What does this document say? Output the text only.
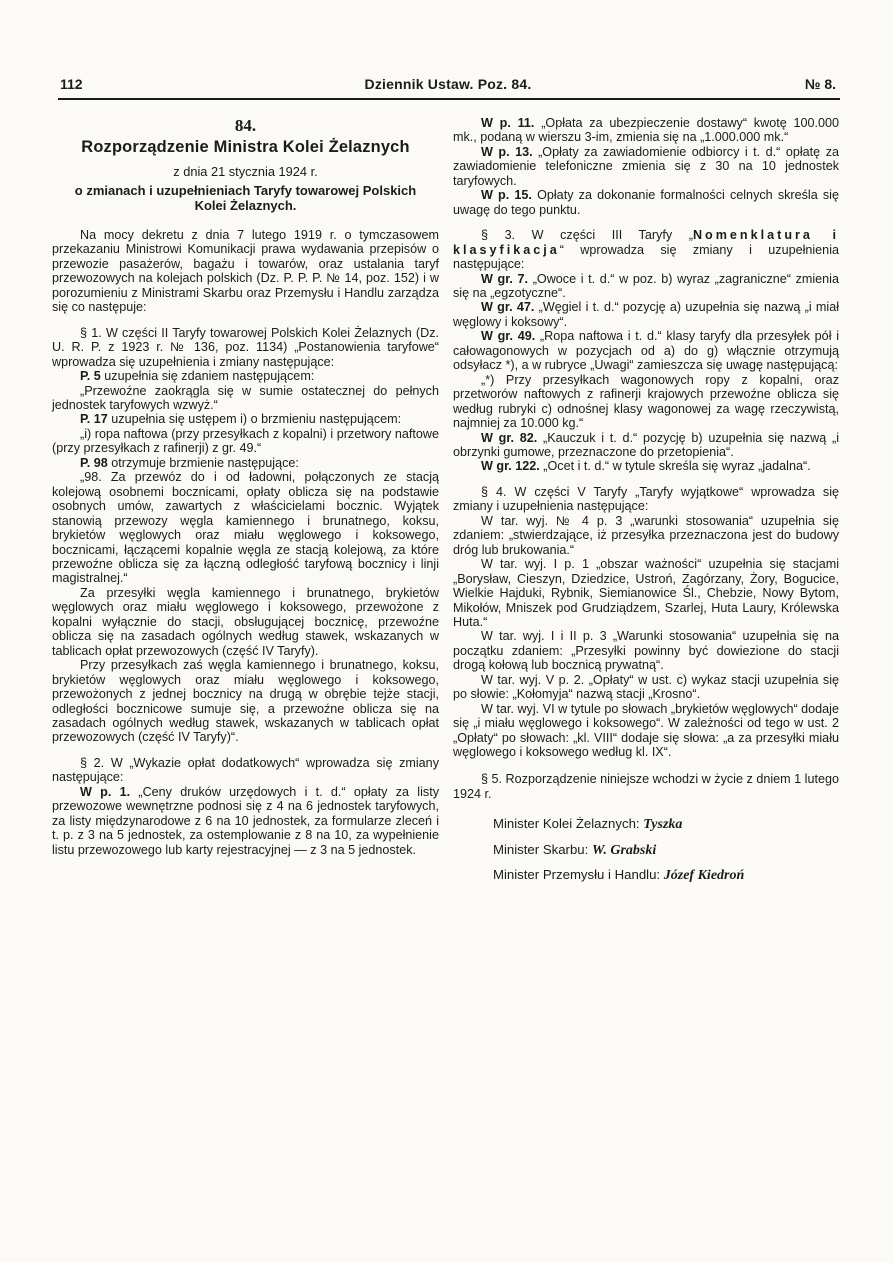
112	Dziennik Ustaw. Poz. 84.	№ 8.

84.

Rozporządzenie Ministra Kolei Żelaznych

z dnia 21 stycznia 1924 r.

o zmianach i uzupełnieniach Taryfy towarowej Polskich Kolei Żelaznych.

Na mocy dekretu z dnia 7 lutego 1919 r. o tymczasowem przekazaniu Ministrowi Komunikacji prawa wydawania przepisów o przewozie pasażerów, bagażu i towarów, oraz ustalania taryf przewozowych na kolejach polskich (Dz. P. P. P. № 14, poz. 152) i w porozumieniu z Ministrami Skarbu oraz Przemysłu i Handlu zarządza się co następuje:

§ 1. W części II Taryfy towarowej Polskich Kolei Żelaznych (Dz. U. R. P. z 1923 r. № 136, poz. 1134) „Postanowienia taryfowe“ wprowadza się uzupełnienia i zmiany następujące:

P. 5 uzupełnia się zdaniem następującem:

„Przewoźne zaokrągla się w sumie ostatecznej do pełnych jednostek taryfowych wzwyż.“

P. 17 uzupełnia się ustępem i) o brzmieniu następującem:

„i) ropa naftowa (przy przesyłkach z kopalni) i przetwory naftowe (przy przesyłkach z rafinerji) z gr. 49.“

P. 98 otrzymuje brzmienie następujące:

„98. Za przewóz do i od ładowni, połączonych ze stacją kolejową osobnemi bocznicami, opłaty oblicza się na podstawie osobnych umów, zawartych z właścicielami bocznic. Wyjątek stanowią przewozy węgla kamiennego i brunatnego, koksu, brykietów węglowych oraz miału węglowego i koksowego, bocznicami, łączącemi kopalnie węgla ze stacją kolejową, za które przewoźne oblicza się za łączną odległość taryfową bocznicy i linji magistralnej.“

Za przesyłki węgla kamiennego i brunatnego, brykietów węglowych oraz miału węglowego i koksowego, przewożone z kopalni wyłącznie do stacji, obsługującej bocznicę, przewoźne oblicza się na zasadach ogólnych według stawek, wskazanych w tablicach opłat przewozowych (część IV Taryfy).

Przy przesyłkach zaś węgla kamiennego i brunatnego, koksu, brykietów węglowych oraz miału węglowego i koksowego, przewożonych z jednej bocznicy na drugą w obrębie tejże stacji, odległości bocznicowe sumuje się, a przewoźne oblicza się na zasadach ogólnych według stawek, wskazanych w tablicach opłat przewozowych (część IV Taryfy)“.

§ 2. W „Wykazie opłat dodatkowych“ wprowadza się zmiany następujące:

W p. 1. „Ceny druków urzędowych i t. d.“ opłaty za listy przewozowe wewnętrzne podnosi się z 4 na 6 jednostek taryfowych, za listy międzynarodowe z 6 na 10 jednostek, za formularze zleceń i t. p. z 3 na 5 jednostek, za ostemplowanie z 8 na 10, za wypełnienie listu przewozowego lub karty rejestracyjnej — z 3 na 5 jednostek.

W p. 11. „Opłata za ubezpieczenie dostawy“ kwotę 100.000 mk., podaną w wierszu 3-im, zmienia się na „1.000.000 mk.“

W p. 13. „Opłaty za zawiadomienie odbiorcy i t. d.“ opłatę za zawiadomienie telefoniczne zmienia się z 30 na 10 jednostek taryfowych.

W p. 15. Opłaty za dokonanie formalności celnych skreśla się uwagę do tego punktu.

§ 3. W części III Taryfy „Nomenklatura i klasyfikacja“ wprowadza się zmiany i uzupełnienia następujące:

W gr. 7. „Owoce i t. d.“ w poz. b) wyraz „zagraniczne“ zmienia się na „egzotyczne“.

W gr. 47. „Węgiel i t. d.“ pozycję a) uzupełnia się nazwą „i miał węglowy i koksowy“.

W gr. 49. „Ropa naftowa i t. d.“ klasy taryfy dla przesyłek pół i całowagonowych w pozycjach od a) do g) włącznie otrzymują odsyłacz *), a w rubryce „Uwagi“ zamieszcza się uwagę następującą:

„*) Przy przesyłkach wagonowych ropy z kopalni, oraz przetworów naftowych z rafinerji krajowych przewoźne oblicza się według rubryki c) odnośnej klasy wagonowej za wagę rzeczywistą, najmniej za 10.000 kg.“

W gr. 82. „Kauczuk i t. d.“ pozycję b) uzupełnia się nazwą „i obrzynki gumowe, przeznaczone do przetopienia“.

W gr. 122. „Ocet i t. d.“ w tytule skreśla się wyraz „jadalna“.

§ 4. W części V Taryfy „Taryfy wyjątkowe“ wprowadza się zmiany i uzupełnienia następujące:

W tar. wyj. № 4 p. 3 „warunki stosowania“ uzupełnia się zdaniem: „stwierdzające, iż przesyłka przeznaczona jest do budowy dróg lub brukowania.“

W tar. wyj. I p. 1 „obszar ważności“ uzupełnia się stacjami „Borysław, Cieszyn, Dziedzice, Ustroń, Zagórzany, Żory, Bogucice, Wielkie Hajduki, Rybnik, Siemianowice Śl., Chebzie, Nowy Bytom, Mikołów, Mniszek pod Grudziądzem, Szarlej, Huta Laury, Królewska Huta.“

W tar. wyj. I i II p. 3 „Warunki stosowania“ uzupełnia się na początku zdaniem: „Przesyłki powinny być dowiezione do stacji drogą kołową lub bocznicą prywatną“.

W tar. wyj. V p. 2. „Opłaty“ w ust. c) wykaz stacji uzupełnia się po słowie: „Kołomyja“ nazwą stacji „Krosno“.

W tar. wyj. VI w tytule po słowach „brykietów węglowych“ dodaje się „i miału węglowego i koksowego“. W zależności od tego w ust. 2 „Opłaty“ po słowach: „kl. VIII“ dodaje się słowa: „a za przesyłki miału węglowego i koksowego według kl. IX“.

§ 5. Rozporządzenie niniejsze wchodzi w życie z dniem 1 lutego 1924 r.

Minister Kolei Żelaznych: Tyszka

Minister Skarbu: W. Grabski

Minister Przemysłu i Handlu: Józef Kiedroń
